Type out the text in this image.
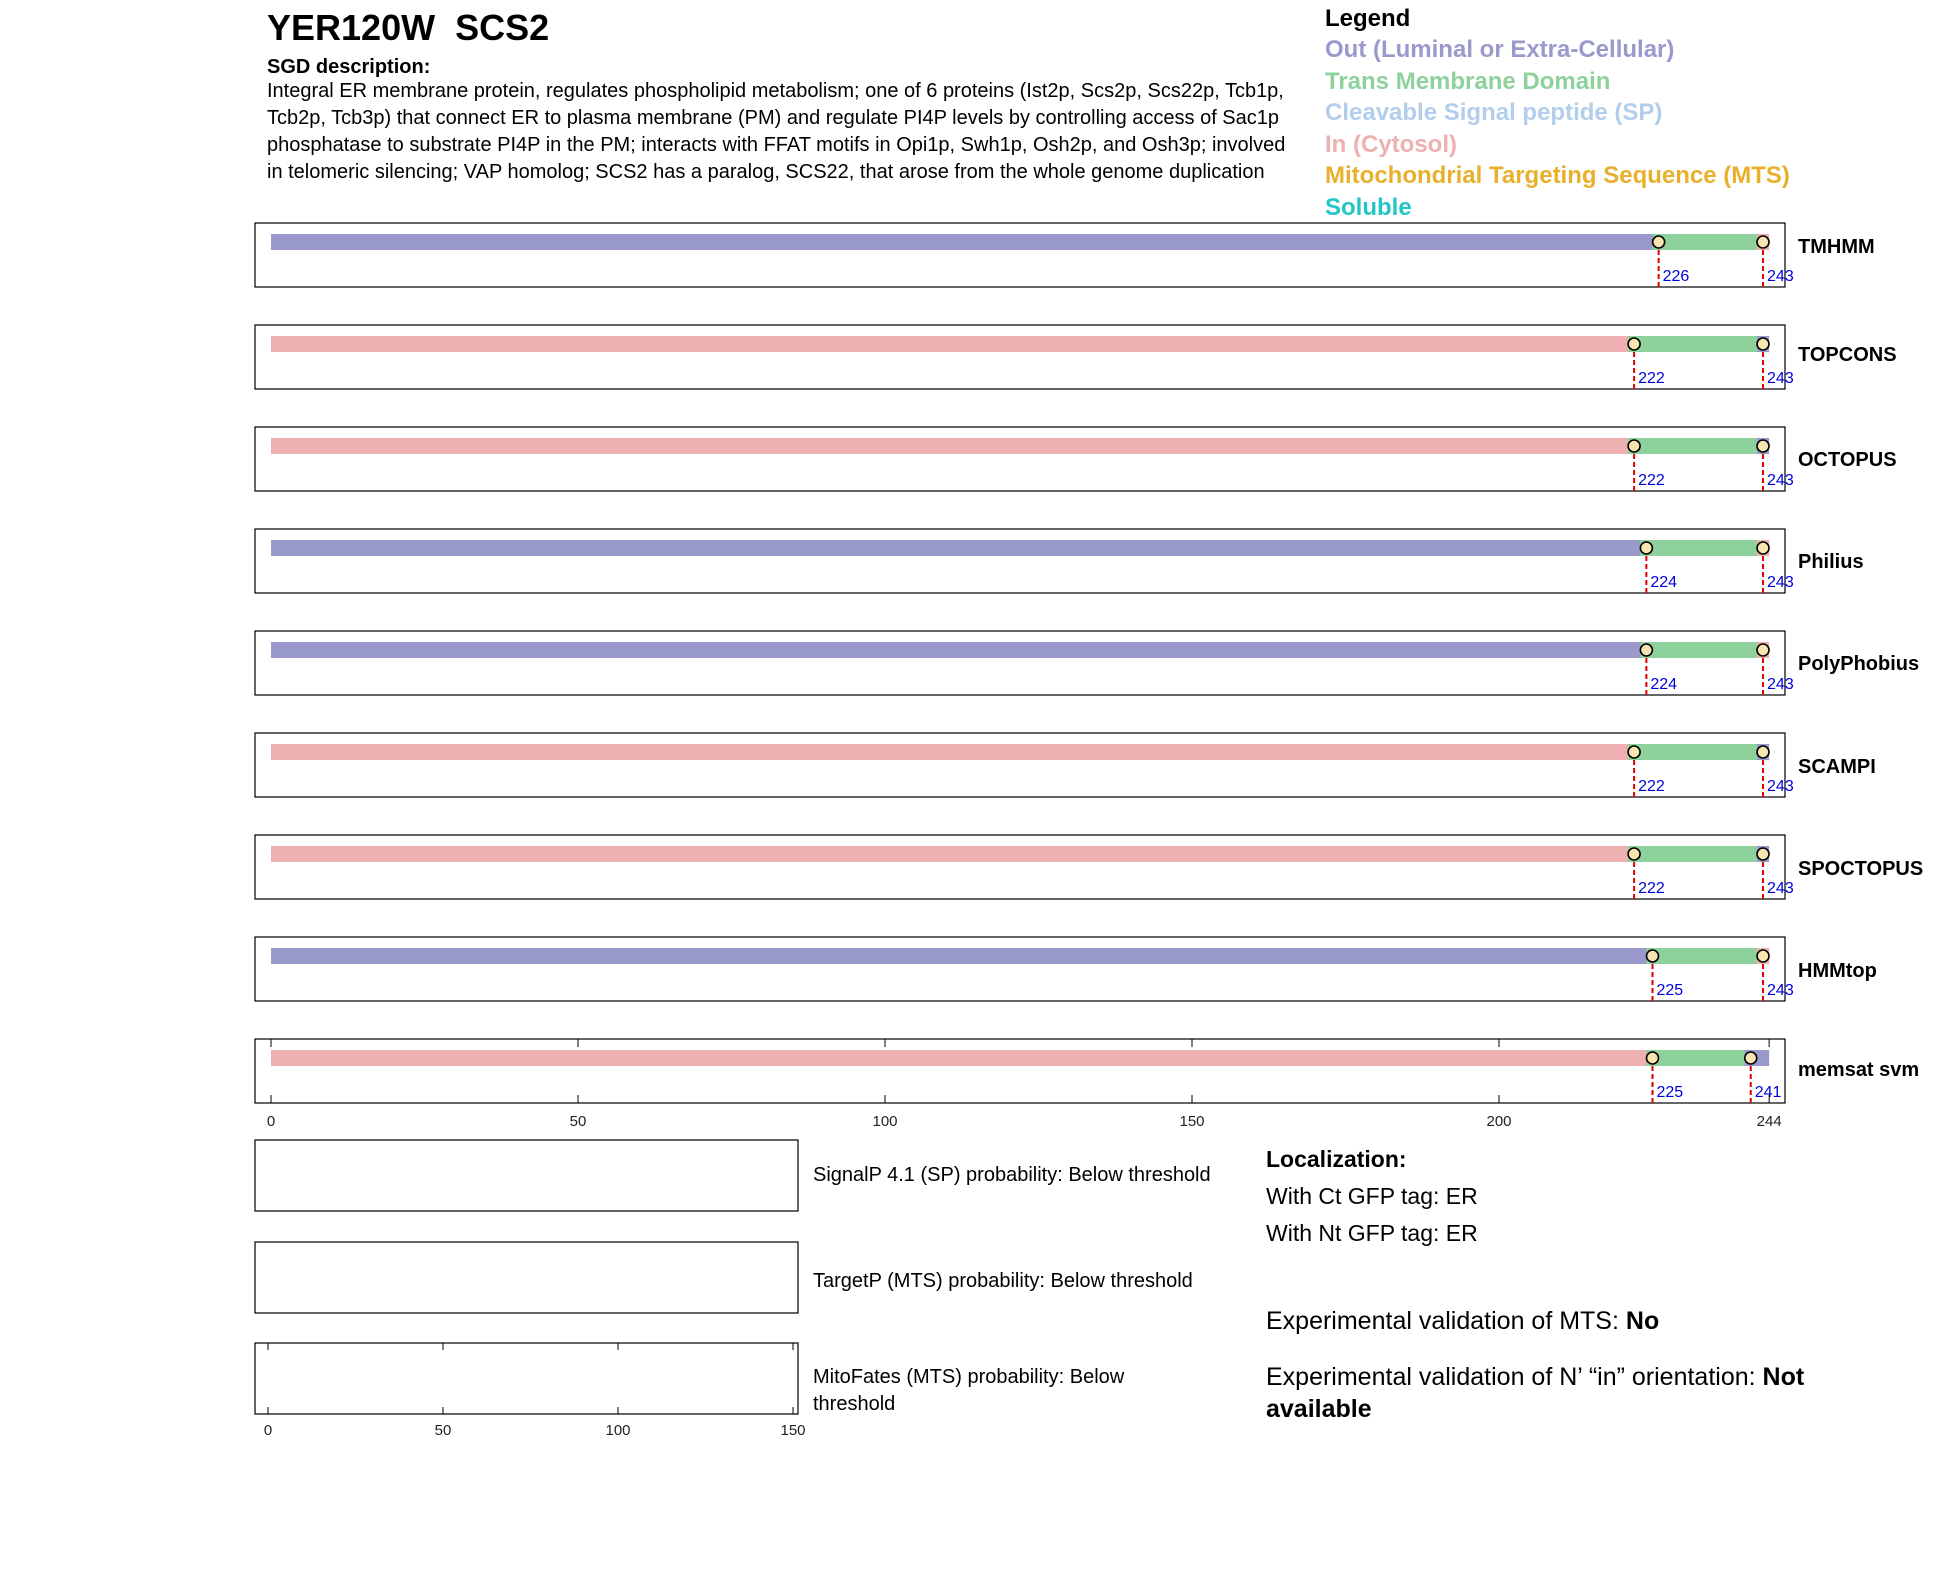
YER120W SCS2
SGD description:
Integral ER membrane protein, regulates phospholipid metabolism; one of 6 proteins (Ist2p, Scs2p, Scs22p, Tcb1p, Tcb2p, Tcb3p) that connect ER to plasma membrane (PM) and regulate PI4P levels by controlling access of Sac1p phosphatase to substrate PI4P in the PM; interacts with FFAT motifs in Opi1p, Swh1p, Osh2p, and Osh3p; involved in telomeric silencing; VAP homolog; SCS2 has a paralog, SCS22, that arose from the whole genome duplication
Legend
Out (Luminal or Extra-Cellular)
Trans Membrane Domain
Cleavable Signal peptide (SP)
In (Cytosol)
Mitochondrial Targeting Sequence (MTS)
Soluble
226	243
TMHMM
222	243
TOPCONS
222	243
OCTOPUS
224	243
Philius
224	243
PolyPhobius
222	243
SCAMPI
222	243
SPOCTOPUS
225	243
HMMtop
225	241
memsat svm
0	50	100	150	200	244
SignalP 4.1 (SP) probability: Below threshold
TargetP (MTS) probability: Below threshold
MitoFates (MTS) probability: Below
threshold
0	50	100	150
Localization:
With Ct GFP tag: ER
With Nt GFP tag: ER
Experimental validation of MTS: No
Experimental validation of N’ “in” orientation: Not available
